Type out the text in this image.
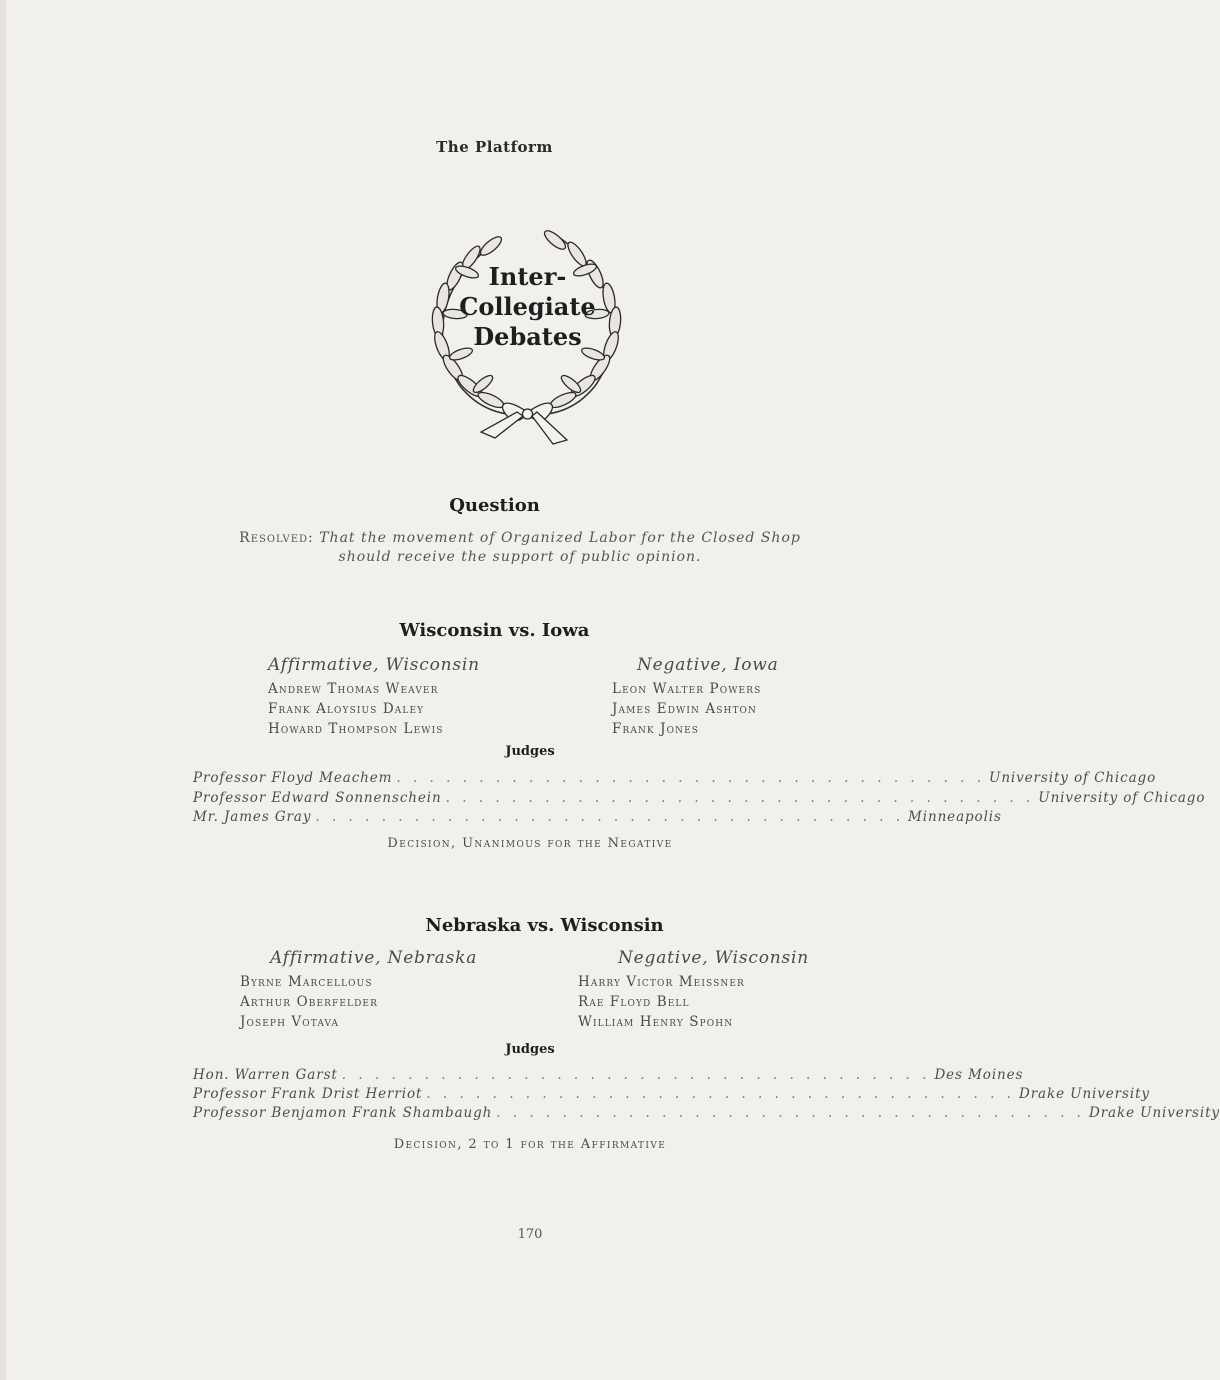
The Platform
Inter-
Collegiate
Debates
Question
Resolved: That the movement of Organized Labor for the Closed Shop
should receive the support of public opinion.
Wisconsin vs. Iowa
Affirmative, Wisconsin
Andrew Thomas Weaver
Frank Aloysius Daley
Howard Thompson Lewis
Negative, Iowa
Leon Walter Powers
James Edwin Ashton
Frank Jones
Judges
Professor Floyd Meachem . . . . . . . . . . . . . . . . . . . . . . . . . . . . . . . . . . . . University of Chicago
Professor Edward Sonnenschein . . . . . . . . . . . . . . . . . . . . . . . . . . . . . . . . . . . . University of Chicago
Mr. James Gray . . . . . . . . . . . . . . . . . . . . . . . . . . . . . . . . . . . . Minneapolis
Decision, Unanimous for the Negative
Nebraska vs. Wisconsin
Affirmative, Nebraska
Byrne Marcellous
Arthur Oberfelder
Joseph Votava
Negative, Wisconsin
Harry Victor Meissner
Rae Floyd Bell
William Henry Spohn
Judges
Hon. Warren Garst . . . . . . . . . . . . . . . . . . . . . . . . . . . . . . . . . . . . Des Moines
Professor Frank Drist Herriot . . . . . . . . . . . . . . . . . . . . . . . . . . . . . . . . . . . . Drake University
Professor Benjamon Frank Shambaugh . . . . . . . . . . . . . . . . . . . . . . . . . . . . . . . . . . . . Drake University
Decision, 2 to 1 for the Affirmative
170
